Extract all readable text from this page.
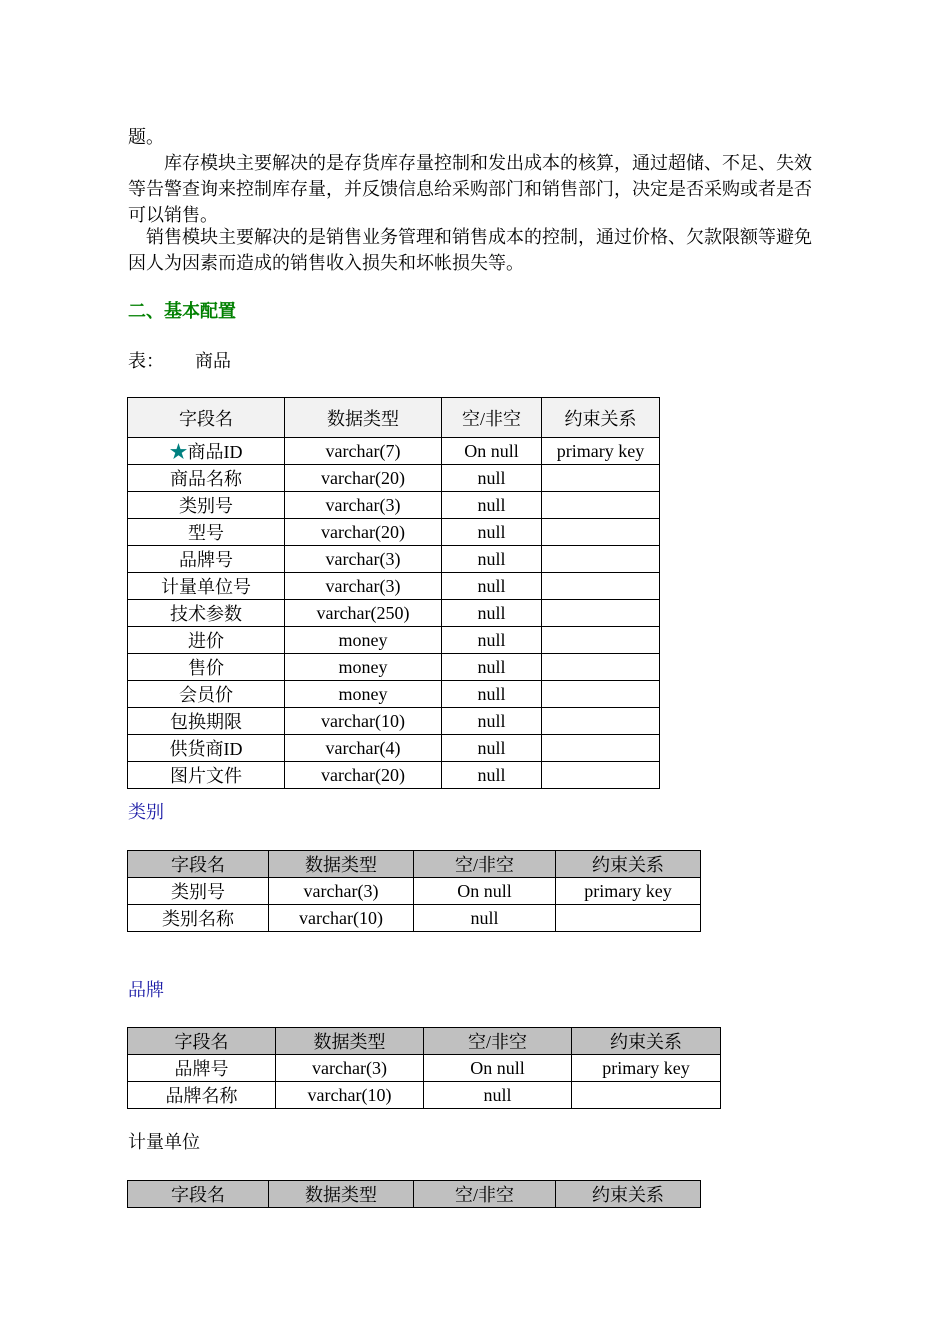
题。
库存模块主要解决的是存货库存量控制和发出成本的核算，通过超储、不足、失效等告警查询来控制库存量，并反馈信息给采购部门和销售部门，决定是否采购或者是否可以销售。
销售模块主要解决的是销售业务管理和销售成本的控制，通过价格、欠款限额等避免因人为因素而造成的销售收入损失和坏帐损失等。
二、基本配置
表： 商品
字段名	数据类型	空/非空	约束关系
★商品ID	varchar(7)	On null	primary key
商品名称	varchar(20)	null	
类别号	varchar(3)	null	
型号	varchar(20)	null	
品牌号	varchar(3)	null	
计量单位号	varchar(3)	null	
技术参数	varchar(250)	null	
进价	money	null	
售价	money	null	
会员价	money	null	
包换期限	varchar(10)	null	
供货商ID	varchar(4)	null	
图片文件	varchar(20)	null	
类别
字段名	数据类型	空/非空	约束关系
类别号	varchar(3)	On null	primary key
类别名称	varchar(10)	null	
品牌
字段名	数据类型	空/非空	约束关系
品牌号	varchar(3)	On null	primary key
品牌名称	varchar(10)	null	
计量单位
字段名	数据类型	空/非空	约束关系
